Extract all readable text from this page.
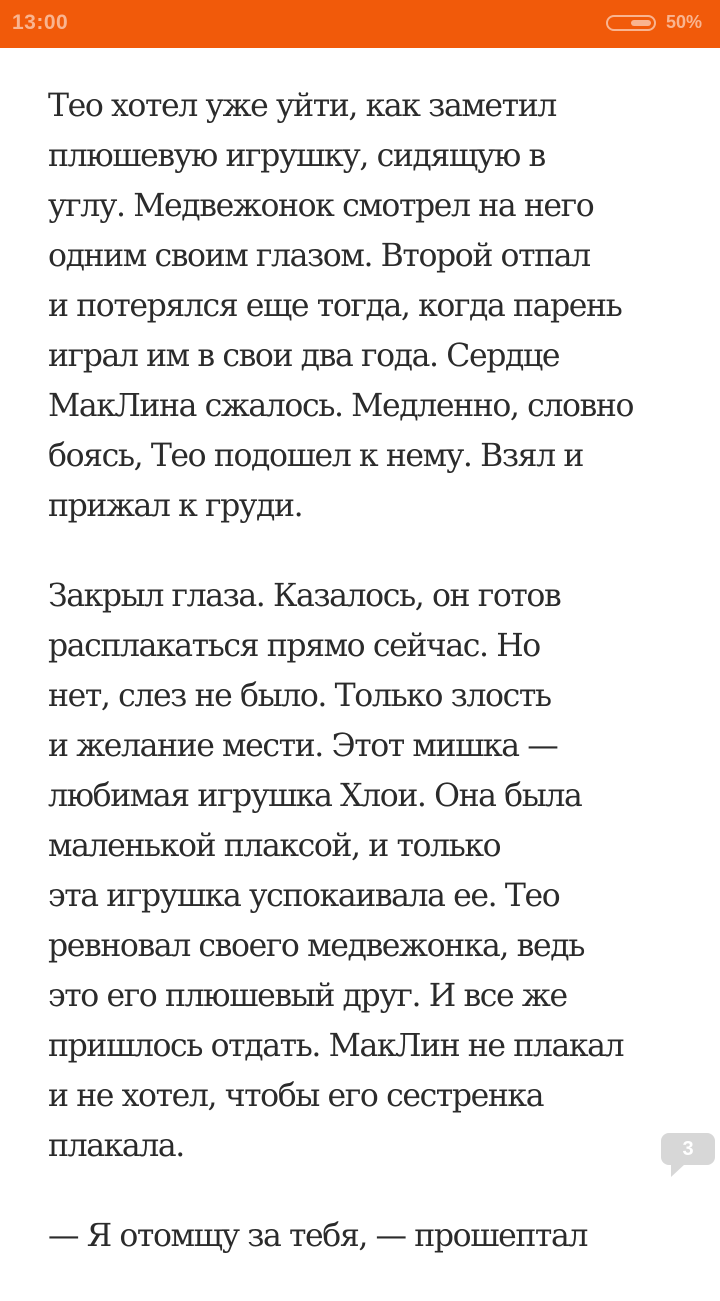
13:00	50%

Тео хотел уже уйти, как заметил
плюшевую игрушку, сидящую в
углу. Медвежонок смотрел на него
одним своим глазом. Второй отпал
и потерялся еще тогда, когда парень
играл им в свои два года. Сердце
МакЛина сжалось. Медленно, словно
боясь, Тео подошел к нему. Взял и
прижал к груди.

Закрыл глаза. Казалось, он готов
расплакаться прямо сейчас. Но
нет, слез не было. Только злость
и желание мести. Этот мишка —
любимая игрушка Хлои. Она была
маленькой плаксой, и только
эта игрушка успокаивала ее. Тео
ревновал своего медвежонка, ведь
это его плюшевый друг. И все же
пришлось отдать. МакЛин не плакал
и не хотел, чтобы его сестренка
плакала.

— Я отомщу за тебя, — прошептал

3
